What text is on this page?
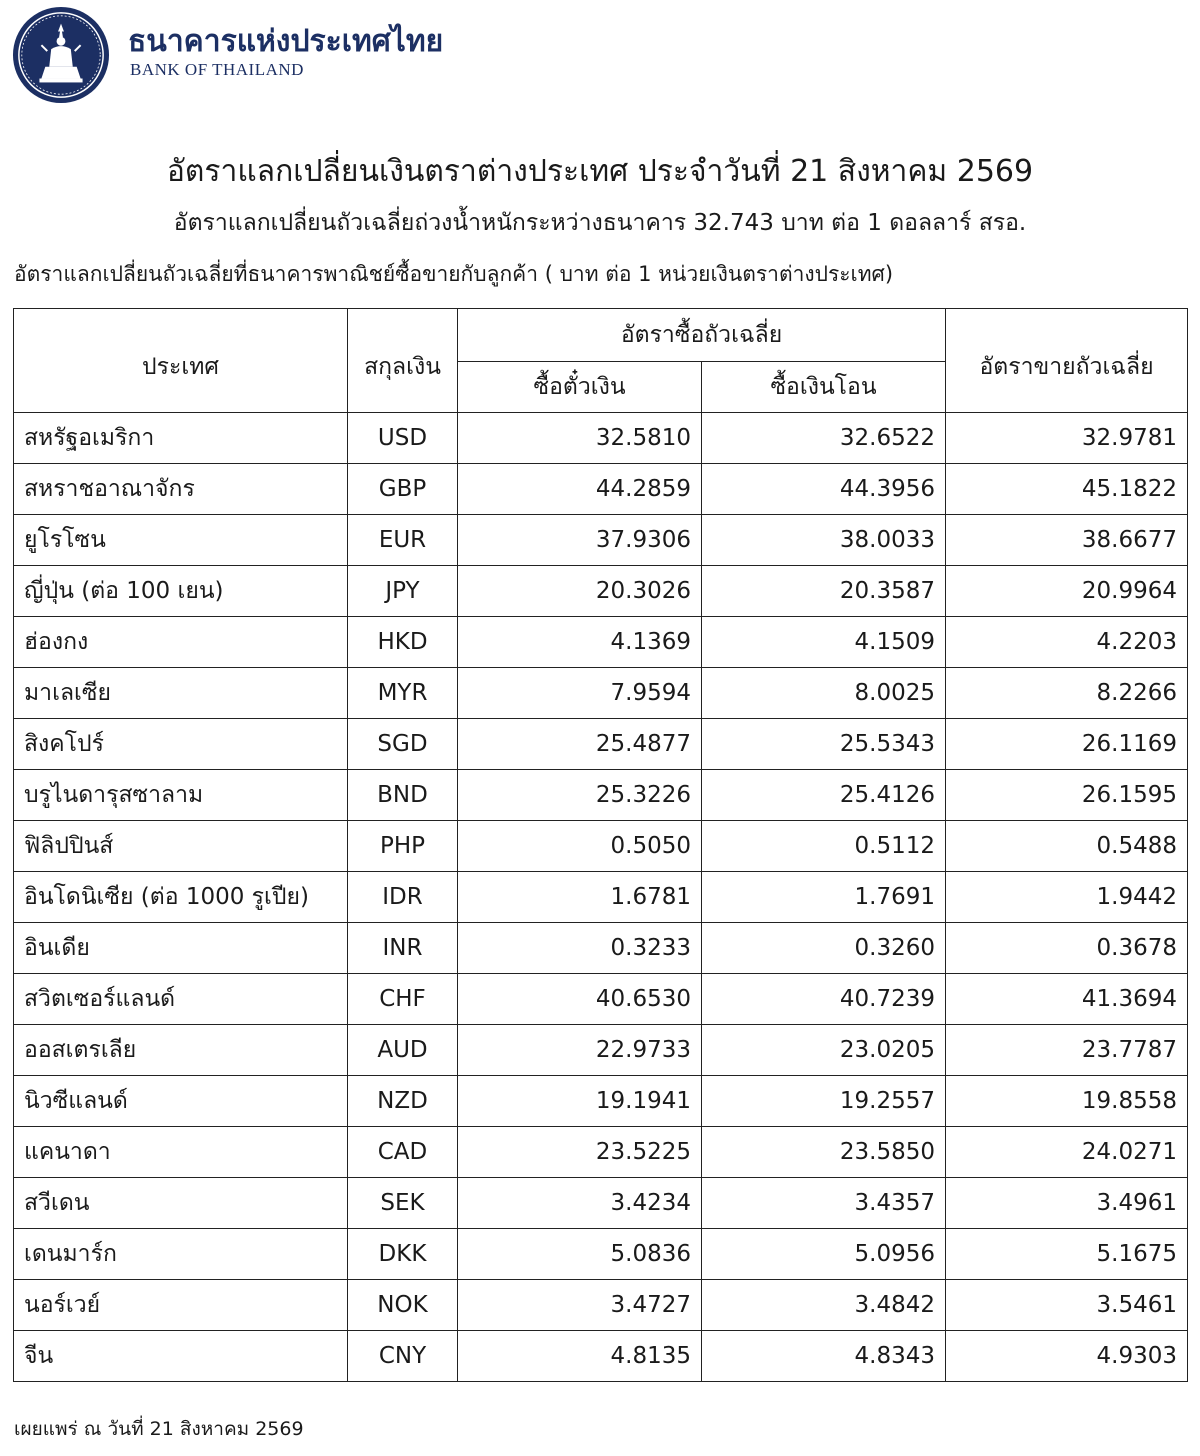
ธนาคารแห่งประเทศไทย
BANK OF THAILAND
อัตราแลกเปลี่ยนเงินตราต่างประเทศ ประจำวันที่ 21 สิงหาคม 2569
อัตราแลกเปลี่ยนถัวเฉลี่ยถ่วงน้ำหนักระหว่างธนาคาร 32.743 บาท ต่อ 1 ดอลลาร์ สรอ.
อัตราแลกเปลี่ยนถัวเฉลี่ยที่ธนาคารพาณิชย์ซื้อขายกับลูกค้า ( บาท ต่อ 1 หน่วยเงินตราต่างประเทศ)
ประเทศ	สกุลเงิน	อัตราซื้อถัวเฉลี่ย		อัตราขายถัวเฉลี่ย
		ซื้อตั๋วเงิน	ซื้อเงินโอน	
สหรัฐอเมริกา	USD	32.5810	32.6522	32.9781
สหราชอาณาจักร	GBP	44.2859	44.3956	45.1822
ยูโรโซน	EUR	37.9306	38.0033	38.6677
ญี่ปุ่น (ต่อ 100 เยน)	JPY	20.3026	20.3587	20.9964
ฮ่องกง	HKD	4.1369	4.1509	4.2203
มาเลเซีย	MYR	7.9594	8.0025	8.2266
สิงคโปร์	SGD	25.4877	25.5343	26.1169
บรูไนดารุสซาลาม	BND	25.3226	25.4126	26.1595
ฟิลิปปินส์	PHP	0.5050	0.5112	0.5488
อินโดนิเซีย (ต่อ 1000 รูเปีย)	IDR	1.6781	1.7691	1.9442
อินเดีย	INR	0.3233	0.3260	0.3678
สวิตเซอร์แลนด์	CHF	40.6530	40.7239	41.3694
ออสเตรเลีย	AUD	22.9733	23.0205	23.7787
นิวซีแลนด์	NZD	19.1941	19.2557	19.8558
แคนาดา	CAD	23.5225	23.5850	24.0271
สวีเดน	SEK	3.4234	3.4357	3.4961
เดนมาร์ก	DKK	5.0836	5.0956	5.1675
นอร์เวย์	NOK	3.4727	3.4842	3.5461
จีน	CNY	4.8135	4.8343	4.9303
เผยแพร่ ณ วันที่ 21 สิงหาคม 2569
